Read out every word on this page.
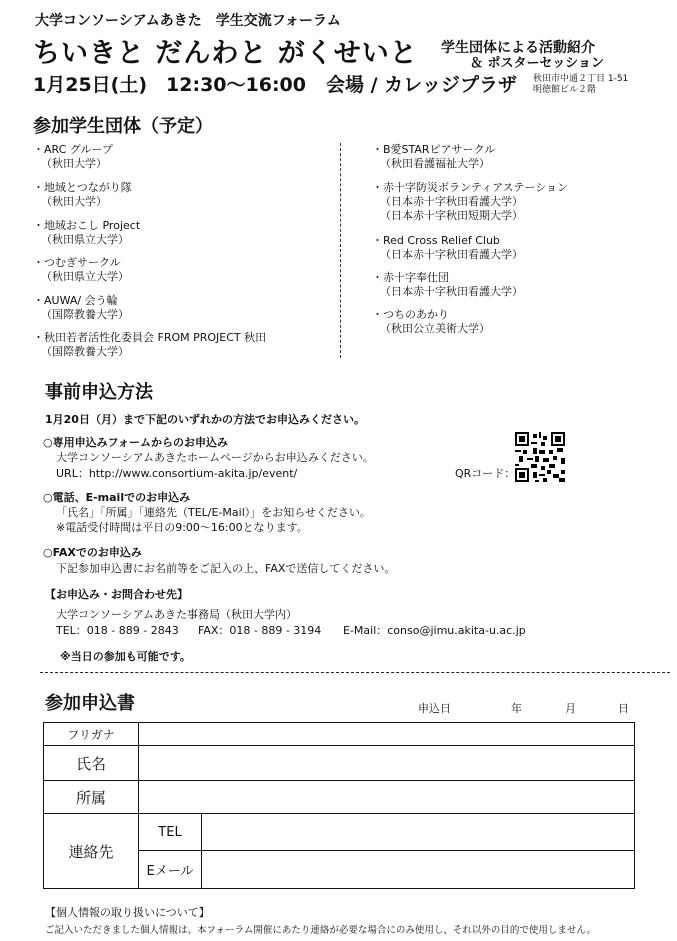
大学コンソーシアムあきた　学生交流フォーラム
ちいきと だんわと がくせいと 学生団体による活動紹介
＆ ポスターセッション
1月25日(土)　12:30〜16:00 会場 / カレッジプラザ 秋田市中通２丁目 1-51
明徳館ビル２階
参加学生団体（予定）
・ARC グループ
（秋田大学）
・地域とつながり隊
（秋田大学）
・地域おこし Project
（秋田県立大学）
・つむぎサークル
（秋田県立大学）
・AUWA/ 会う輪
（国際教養大学）
・秋田若者活性化委員会 FROM PROJECT 秋田
（国際教養大学）
・B愛STARピアサークル
（秋田看護福祉大学）
・赤十字防災ボランティアステーション
（日本赤十字秋田看護大学）
（日本赤十字秋田短期大学）
・Red Cross Relief Club
（日本赤十字秋田看護大学）
・赤十字奉仕団
（日本赤十字秋田看護大学）
・つちのあかり
（秋田公立美術大学）
事前申込方法
1月20日（月）まで下記のいずれかの方法でお申込みください。
○専用申込みフォームからのお申込み
大学コンソーシアムあきたホームページからお申込みください。
URL：http://www.consortium-akita.jp/event/	QRコード：
○電話、E-mailでのお申込み
「氏名」「所属」「連絡先（TEL/E-Mail）」をお知らせください。
※電話受付時間は平日の9:00〜16:00となります。
○FAXでのお申込み
下記参加申込書にお名前等をご記入の上、FAXで送信してください。
【お申込み・お問合わせ先】
大学コンソーシアムあきた事務局（秋田大学内）
TEL：018 - 889 - 2843 FAX：018 - 889 - 3194 E-Mail：conso@jimu.akita-u.ac.jp
※当日の参加も可能です。
参加申込書	申込日	年	月	日
フリガナ		
氏名		
所属		
連絡先	TEL	
	Eメール	
【個人情報の取り扱いについて】
ご記入いただきました個人情報は、本フォーラム開催にあたり連絡が必要な場合にのみ使用し、それ以外の目的で使用しません。
